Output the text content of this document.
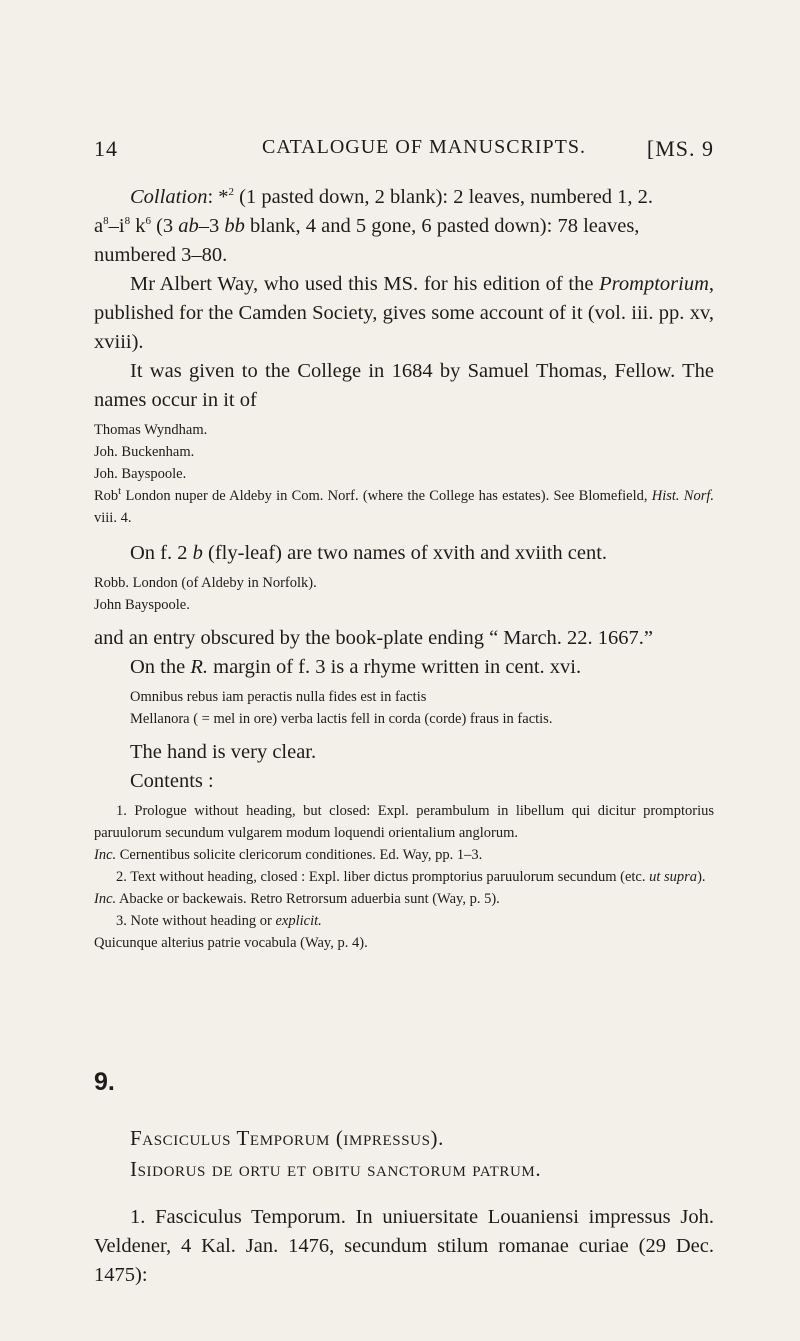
14	CATALOGUE OF MANUSCRIPTS.	[MS. 9

Collation: *$^2$ (1 pasted down, 2 blank): 2 leaves, numbered 1, 2.
$a^8-i^8$ $k^6$ (3 ab–3 bb blank, 4 and 5 gone, 6 pasted down): 78 leaves,
numbered 3–80.

Mr Albert Way, who used this MS. for his edition of the Promptorium, published for the Camden Society, gives some account of it (vol. iii. pp. xv, xviii).

It was given to the College in 1684 by Samuel Thomas, Fellow. The names occur in it of

Thomas Wyndham.

Joh. Buckenham.

Joh. Bayspoole.

Rob$^t$ London nuper de Aldeby in Com. Norf. (where the College has estates). See Blomefield, Hist. Norf. viii. 4.

On f. 2 b (fly-leaf) are two names of xvith and xviith cent.

Robb. London (of Aldeby in Norfolk).

John Bayspoole.

and an entry obscured by the book-plate ending “ March. 22. 1667.”

On the R. margin of f. 3 is a rhyme written in cent. xvi.

Omnibus rebus iam peractis nulla fides est in factis

Mellanora ( = mel in ore) verba lactis fell in corda (corde) fraus in factis.

The hand is very clear.

Contents :

1. Prologue without heading, but closed: Expl. perambulum in libellum qui dicitur promptorius paruulorum secundum vulgarem modum loquendi orientalium anglorum.

Inc. Cernentibus solicite clericorum conditiones. Ed. Way, pp. 1–3.

2. Text without heading, closed : Expl. liber dictus promptorius paruulorum secundum (etc. ut supra).

Inc. Abacke or backewais. Retro Retrorsum aduerbia sunt (Way, p. 5).

3. Note without heading or explicit.

Quicunque alterius patrie vocabula (Way, p. 4).

9.

Fasciculus Temporum (impressus).

Isidorus de ortu et obitu sanctorum patrum.

1. Fasciculus Temporum. In uniuersitate Louaniensi impressus Joh. Veldener, 4 Kal. Jan. 1476, secundum stilum romanae curiae (29 Dec. 1475):
